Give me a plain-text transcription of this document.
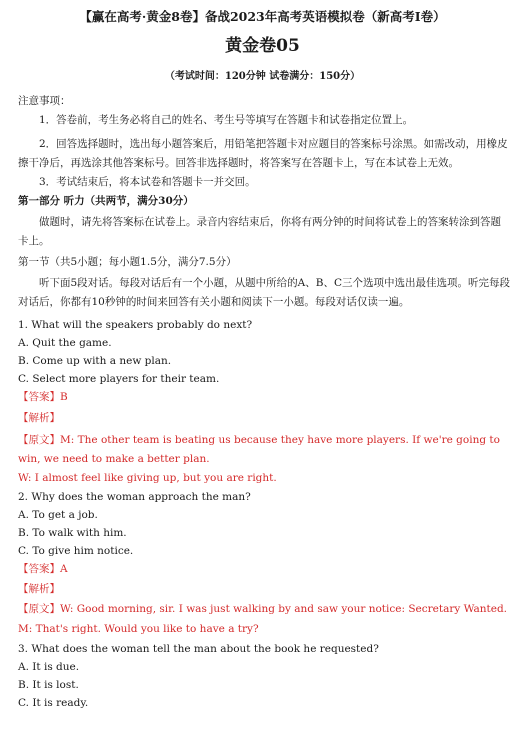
【赢在高考·黄金8卷】备战2023年高考英语模拟卷（新高考I卷）
黄金卷05
（考试时间：120分钟 试卷满分：150分）
注意事项：
1．答卷前，考生务必将自己的姓名、考生号等填写在答题卡和试卷指定位置上。
2．回答选择题时，选出每小题答案后，用铅笔把答题卡对应题目的答案标号涂黑。如需改动，用橡皮擦干净后，再选涂其他答案标号。回答非选择题时，将答案写在答题卡上，写在本试卷上无效。
3．考试结束后，将本试卷和答题卡一并交回。
第一部分 听力（共两节，满分30分）
做题时，请先将答案标在试卷上。录音内容结束后，你将有两分钟的时间将试卷上的答案转涂到答题卡上。
第一节（共5小题；每小题1.5分，满分7.5分）
听下面5段对话。每段对话后有一个小题，从题中所给的A、B、C三个选项中选出最佳选项。听完每段对话后，你都有10秒钟的时间来回答有关小题和阅读下一小题。每段对话仅读一遍。
1. What will the speakers probably do next?
A. Quit the game.
B. Come up with a new plan.
C. Select more players for their team.
【答案】B
【解析】
【原文】M: The other team is beating us because they have more players. If we're going to win, we need to make a better plan.
W: I almost feel like giving up, but you are right.
2. Why does the woman approach the man?
A. To get a job.
B. To walk with him.
C. To give him notice.
【答案】A
【解析】
【原文】W: Good morning, sir. I was just walking by and saw your notice: Secretary Wanted.
M: That's right. Would you like to have a try?
3. What does the woman tell the man about the book he requested?
A. It is due.
B. It is lost.
C. It is ready.
